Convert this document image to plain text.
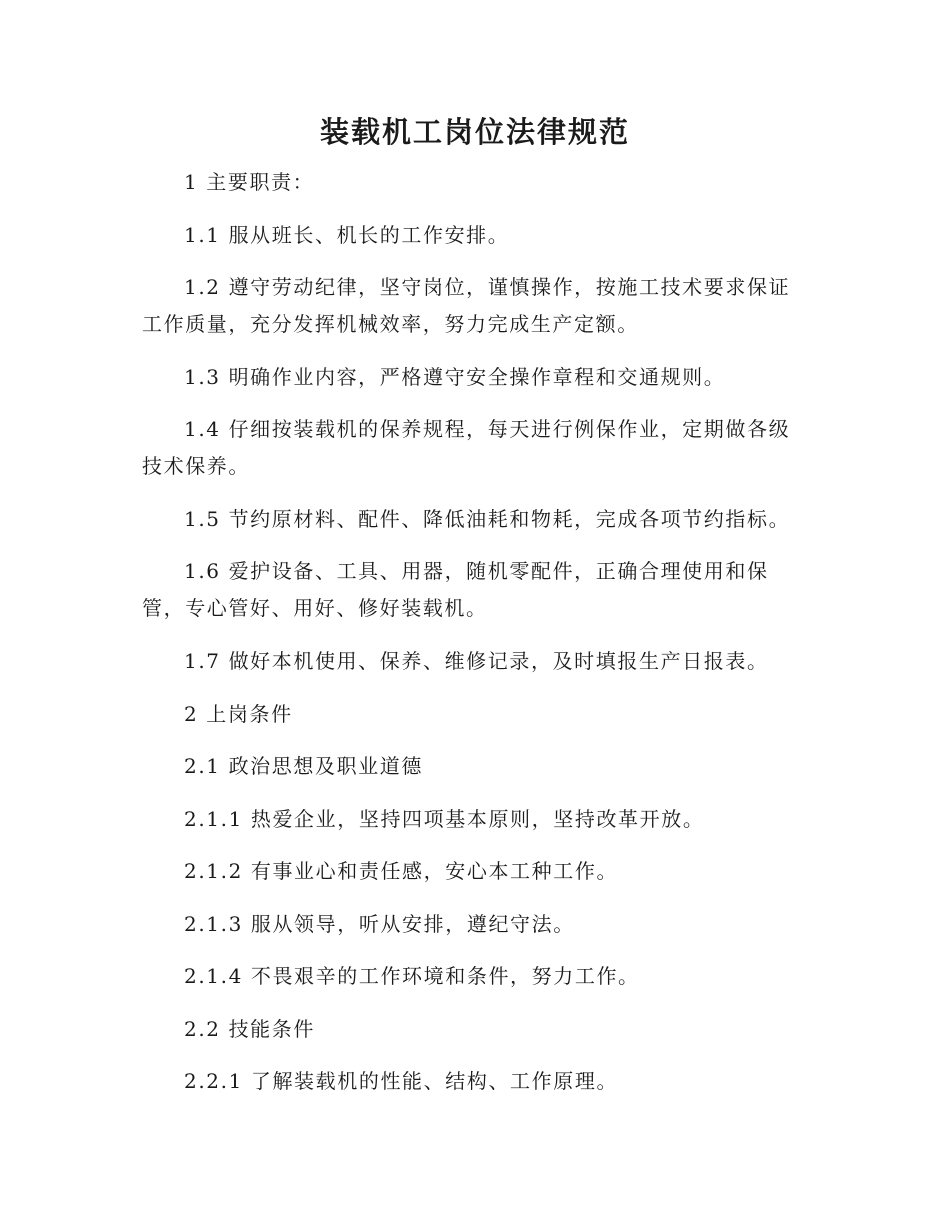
装载机工岗位法律规范

1 主要职责：

1.1 服从班长、机长的工作安排。

1.2 遵守劳动纪律，坚守岗位，谨慎操作，按施工技术要求保证工作质量，充分发挥机械效率，努力完成生产定额。

1.3 明确作业内容，严格遵守安全操作章程和交通规则。

1.4 仔细按装载机的保养规程，每天进行例保作业，定期做各级技术保养。

1.5 节约原材料、配件、降低油耗和物耗，完成各项节约指标。

1.6 爱护设备、工具、用器，随机零配件，正确合理使用和保管，专心管好、用好、修好装载机。

1.7 做好本机使用、保养、维修记录，及时填报生产日报表。

2 上岗条件

2.1 政治思想及职业道德

2.1.1 热爱企业，坚持四项基本原则，坚持改革开放。

2.1.2 有事业心和责任感，安心本工种工作。

2.1.3 服从领导，听从安排，遵纪守法。

2.1.4 不畏艰辛的工作环境和条件，努力工作。

2.2 技能条件

2.2.1 了解装载机的性能、结构、工作原理。
